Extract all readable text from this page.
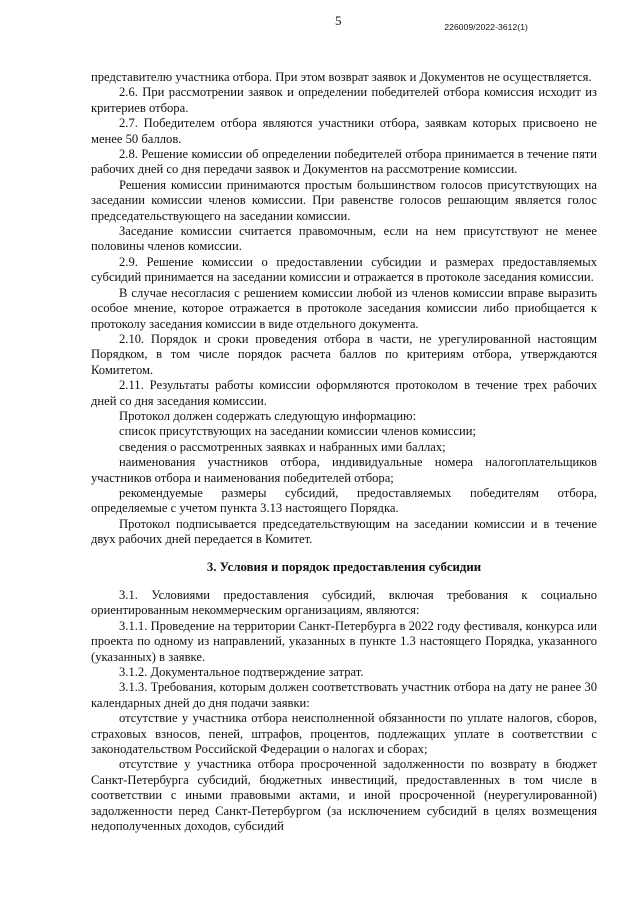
5	226009/2022-3612(1)

представителю участника отбора. При этом возврат заявок и Документов не осуществляется.

2.6. При рассмотрении заявок и определении победителей отбора комиссия исходит из критериев отбора.

2.7. Победителем отбора являются участники отбора, заявкам которых присвоено не менее 50 баллов.

2.8. Решение комиссии об определении победителей отбора принимается в течение пяти рабочих дней со дня передачи заявок и Документов на рассмотрение комиссии.

Решения комиссии принимаются простым большинством голосов присутствующих на заседании комиссии членов комиссии. При равенстве голосов решающим является голос председательствующего на заседании комиссии.

Заседание комиссии считается правомочным, если на нем присутствуют не менее половины членов комиссии.

2.9. Решение комиссии о предоставлении субсидии и размерах предоставляемых субсидий принимается на заседании комиссии и отражается в протоколе заседания комиссии.

В случае несогласия с решением комиссии любой из членов комиссии вправе выразить особое мнение, которое отражается в протоколе заседания комиссии либо приобщается к протоколу заседания комиссии в виде отдельного документа.

2.10. Порядок и сроки проведения отбора в части, не урегулированной настоящим Порядком, в том числе порядок расчета баллов по критериям отбора, утверждаются Комитетом.

2.11. Результаты работы комиссии оформляются протоколом в течение трех рабочих дней со дня заседания комиссии.

Протокол должен содержать следующую информацию:

список присутствующих на заседании комиссии членов комиссии;

сведения о рассмотренных заявках и набранных ими баллах;

наименования участников отбора, индивидуальные номера налогоплательщиков участников отбора и наименования победителей отбора;

рекомендуемые размеры субсидий, предоставляемых победителям отбора, определяемые с учетом пункта 3.13 настоящего Порядка.

Протокол подписывается председательствующим на заседании комиссии и в течение двух рабочих дней передается в Комитет.

3. Условия и порядок предоставления субсидии

3.1. Условиями предоставления субсидий, включая требования к социально ориентированным некоммерческим организациям, являются:

3.1.1. Проведение на территории Санкт-Петербурга в 2022 году фестиваля, конкурса или проекта по одному из направлений, указанных в пункте 1.3 настоящего Порядка, указанного (указанных) в заявке.

3.1.2. Документальное подтверждение затрат.

3.1.3. Требования, которым должен соответствовать участник отбора на дату не ранее 30 календарных дней до дня подачи заявки:

отсутствие у участника отбора неисполненной обязанности по уплате налогов, сборов, страховых взносов, пеней, штрафов, процентов, подлежащих уплате в соответствии с законодательством Российской Федерации о налогах и сборах;

отсутствие у участника отбора просроченной задолженности по возврату в бюджет Санкт-Петербурга субсидий, бюджетных инвестиций, предоставленных в том числе в соответствии с иными правовыми актами, и иной просроченной (неурегулированной) задолженности перед Санкт-Петербургом (за исключением субсидий в целях возмещения недополученных доходов, субсидий
